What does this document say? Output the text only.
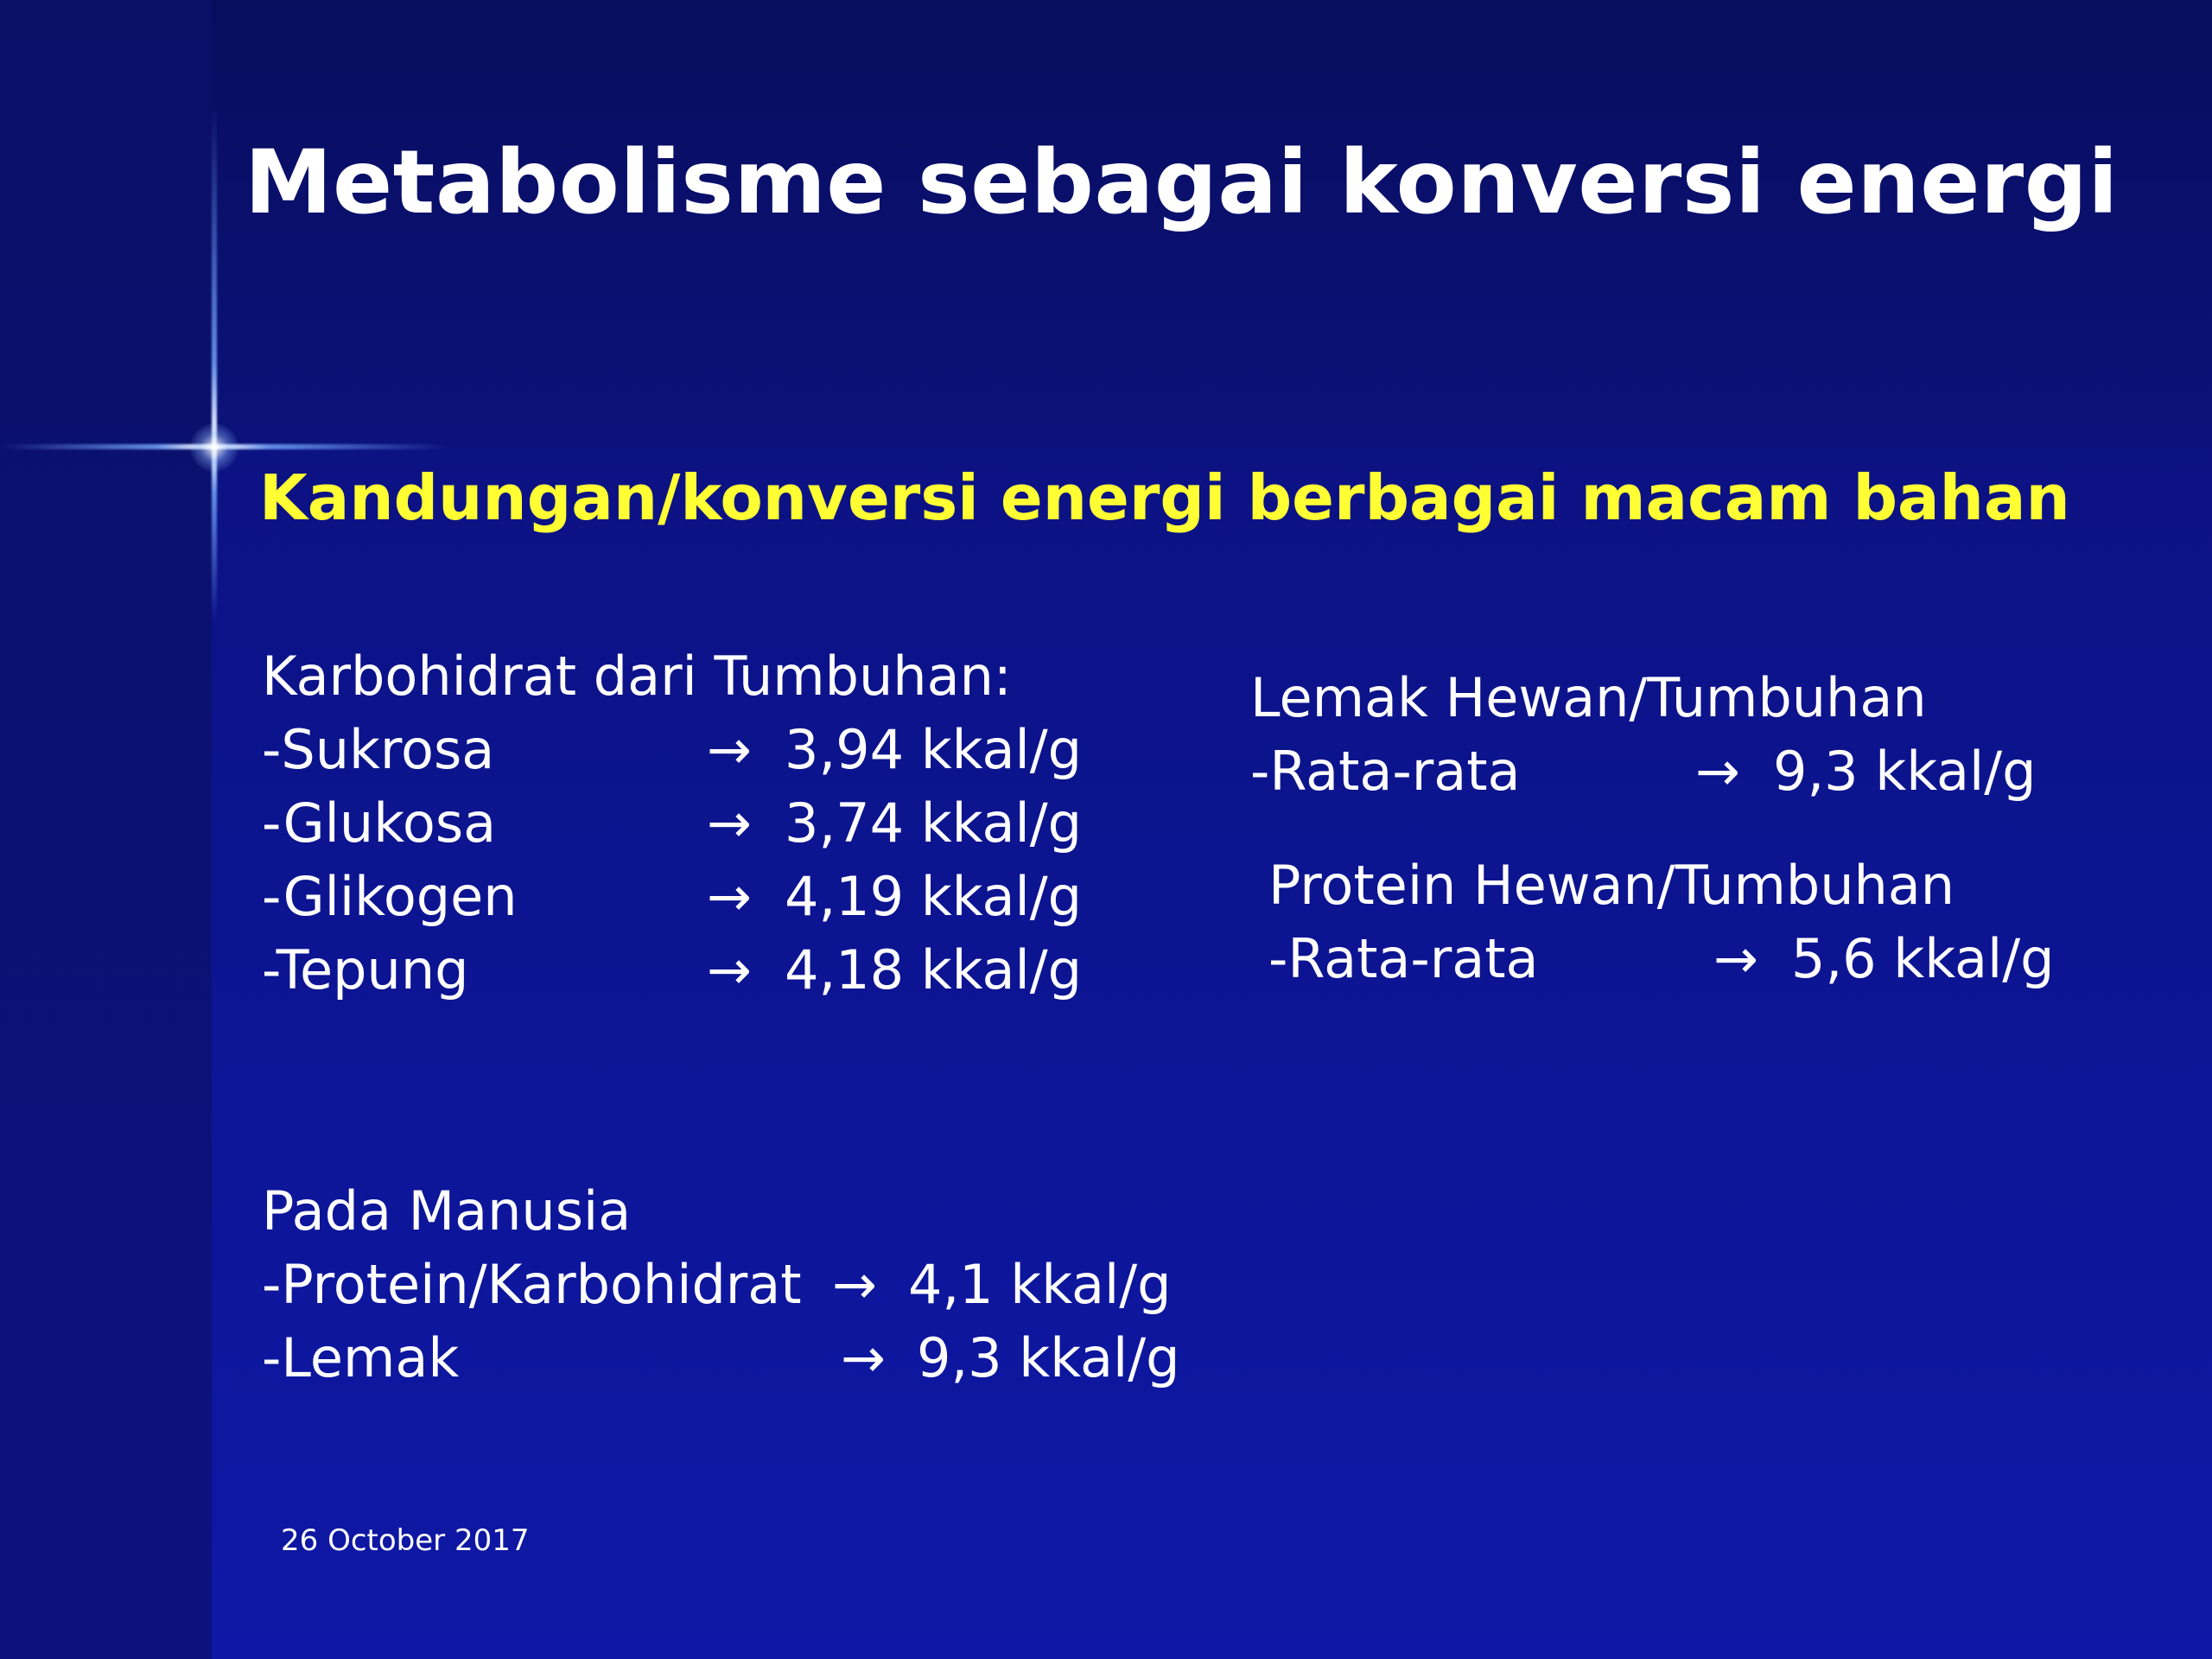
Metabolisme sebagai konversi energi
Kandungan/konversi energi berbagai macam bahan
Karbohidrat dari Tumbuhan:
-Sukrosa	→ 3,94 kkal/g
-Glukosa	→ 3,74 kkal/g
-Glikogen	→ 4,19 kkal/g
-Tepung	→ 4,18 kkal/g
Lemak Hewan/Tumbuhan
-Rata-rata	→ 9,3 kkal/g
Protein Hewan/Tumbuhan
-Rata-rata	→ 5,6 kkal/g
Pada Manusia
-Protein/Karbohidrat → 4,1 kkal/g
-Lemak	→ 9,3 kkal/g
26 October 2017
